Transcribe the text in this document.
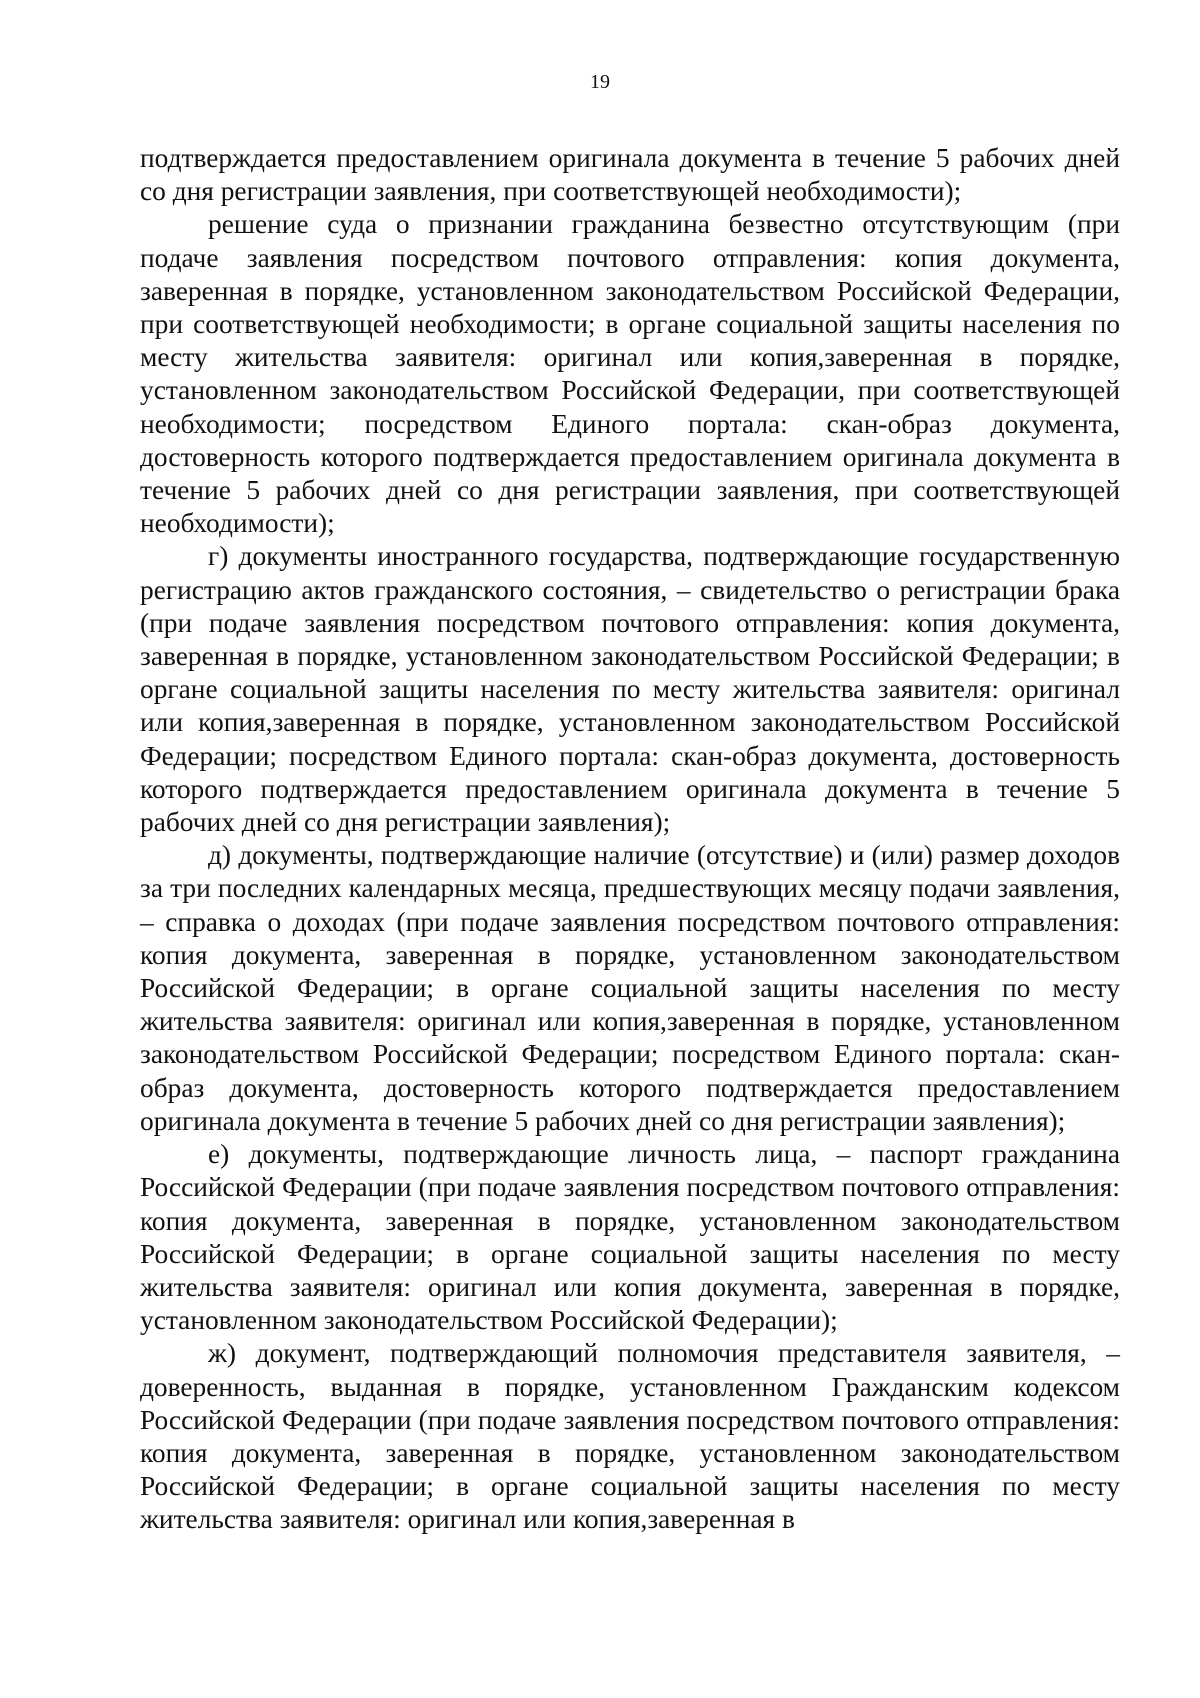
19

подтверждается предоставлением оригинала документа в течение 5 рабочих дней со дня регистрации заявления, при соответствующей необходимости);

решение суда о признании гражданина безвестно отсутствующим (при подаче заявления посредством почтового отправления: копия документа, заверенная в порядке, установленном законодательством Российской Федерации, при соответствующей необходимости; в органе социальной защиты населения по месту жительства заявителя: оригинал или копия,заверенная в порядке, установленном законодательством Российской Федерации, при соответствующей необходимости; посредством Единого портала: скан-образ документа, достоверность которого подтверждается предоставлением оригинала документа в течение 5 рабочих дней со дня регистрации заявления, при соответствующей необходимости);

г) документы иностранного государства, подтверждающие государственную регистрацию актов гражданского состояния, – свидетельство о регистрации брака (при подаче заявления посредством почтового отправления: копия документа, заверенная в порядке, установленном законодательством Российской Федерации; в органе социальной защиты населения по месту жительства заявителя: оригинал или копия,заверенная в порядке, установленном законодательством Российской Федерации; посредством Единого портала: скан-образ документа, достоверность которого подтверждается предоставлением оригинала документа в течение 5 рабочих дней со дня регистрации заявления);

д) документы, подтверждающие наличие (отсутствие) и (или) размер доходов за три последних календарных месяца, предшествующих месяцу подачи заявления, – справка о доходах (при подаче заявления посредством почтового отправления: копия документа, заверенная в порядке, установленном законодательством Российской Федерации; в органе социальной защиты населения по месту жительства заявителя: оригинал или копия,заверенная в порядке, установленном законодательством Российской Федерации; посредством Единого портала: скан-образ документа, достоверность которого подтверждается предоставлением оригинала документа в течение 5 рабочих дней со дня регистрации заявления);

е) документы, подтверждающие личность лица, – паспорт гражданина Российской Федерации (при подаче заявления посредством почтового отправления: копия документа, заверенная в порядке, установленном законодательством Российской Федерации; в органе социальной защиты населения по месту жительства заявителя: оригинал или копия документа, заверенная в порядке, установленном законодательством Российской Федерации);

ж) документ, подтверждающий полномочия представителя заявителя, – доверенность, выданная в порядке, установленном Гражданским кодексом Российской Федерации (при подаче заявления посредством почтового отправления: копия документа, заверенная в порядке, установленном законодательством Российской Федерации; в органе социальной защиты населения по месту жительства заявителя: оригинал или копия,заверенная в
